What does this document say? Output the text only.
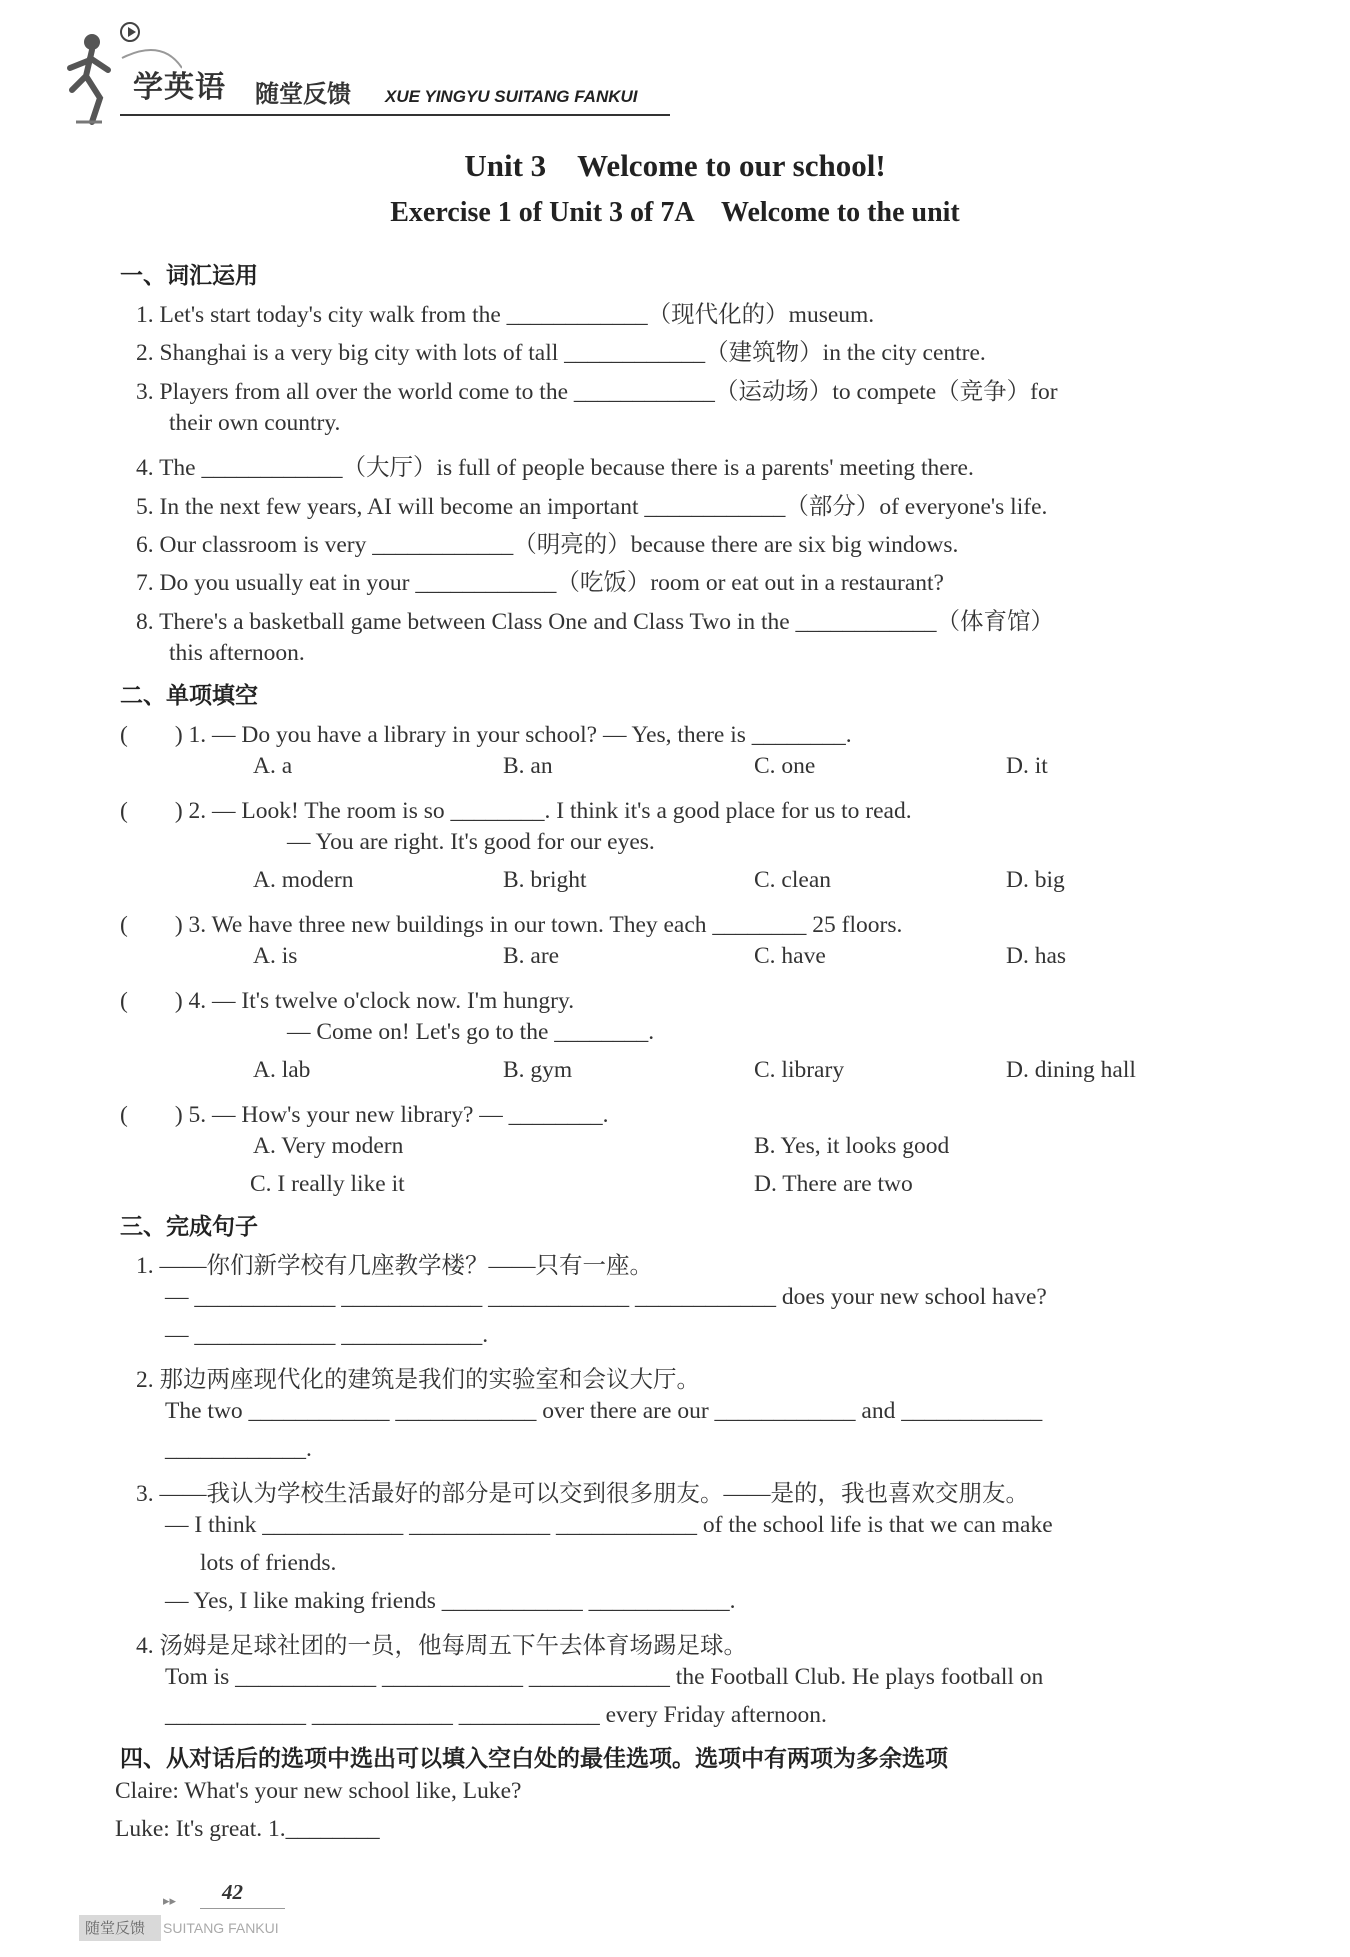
学英语 随堂反馈 XUE YINGYU SUITANG FANKUI
Unit 3　Welcome to our school!
Exercise 1 of Unit 3 of 7A　Welcome to the unit
一、词汇运用
1. Let's start today's city walk from the ____________（现代化的）museum.
2. Shanghai is a very big city with lots of tall ____________（建筑物）in the city centre.
3. Players from all over the world come to the ____________（运动场）to compete（竞争）for
their own country.
4. The ____________（大厅）is full of people because there is a parents' meeting there.
5. In the next few years, AI will become an important ____________（部分）of everyone's life.
6. Our classroom is very ____________（明亮的）because there are six big windows.
7. Do you usually eat in your ____________（吃饭）room or eat out in a restaurant?
8. There's a basketball game between Class One and Class Two in the ____________（体育馆）
this afternoon.
二、单项填空
(　　) 1. — Do you have a library in your school? — Yes, there is ________.
A. a	B. an	C. one	D. it
(　　) 2. — Look! The room is so ________. I think it's a good place for us to read.
— You are right. It's good for our eyes.
A. modern	B. bright	C. clean	D. big
(　　) 3. We have three new buildings in our town. They each ________ 25 floors.
A. is	B. are	C. have	D. has
(　　) 4. — It's twelve o'clock now. I'm hungry.
— Come on! Let's go to the ________.
A. lab	B. gym	C. library	D. dining hall
(　　) 5. — How's your new library? — ________.
A. Very modern	B. Yes, it looks good
C. I really like it	D. There are two
三、完成句子
1. ——你们新学校有几座教学楼？——只有一座。
— ____________ ____________ ____________ ____________ does your new school have?
— ____________ ____________.
2. 那边两座现代化的建筑是我们的实验室和会议大厅。
The two ____________ ____________ over there are our ____________ and ____________
____________.
3. ——我认为学校生活最好的部分是可以交到很多朋友。——是的，我也喜欢交朋友。
— I think ____________ ____________ ____________ of the school life is that we can make
lots of friends.
— Yes, I like making friends ____________ ____________.
4. 汤姆是足球社团的一员，他每周五下午去体育场踢足球。
Tom is ____________ ____________ ____________ the Football Club. He plays football on
____________ ____________ ____________ every Friday afternoon.
四、从对话后的选项中选出可以填入空白处的最佳选项。选项中有两项为多余选项
Claire: What's your new school like, Luke?
Luke: It's great. 1.________
▸▸ 42
随堂反馈 SUITANG FANKUI
